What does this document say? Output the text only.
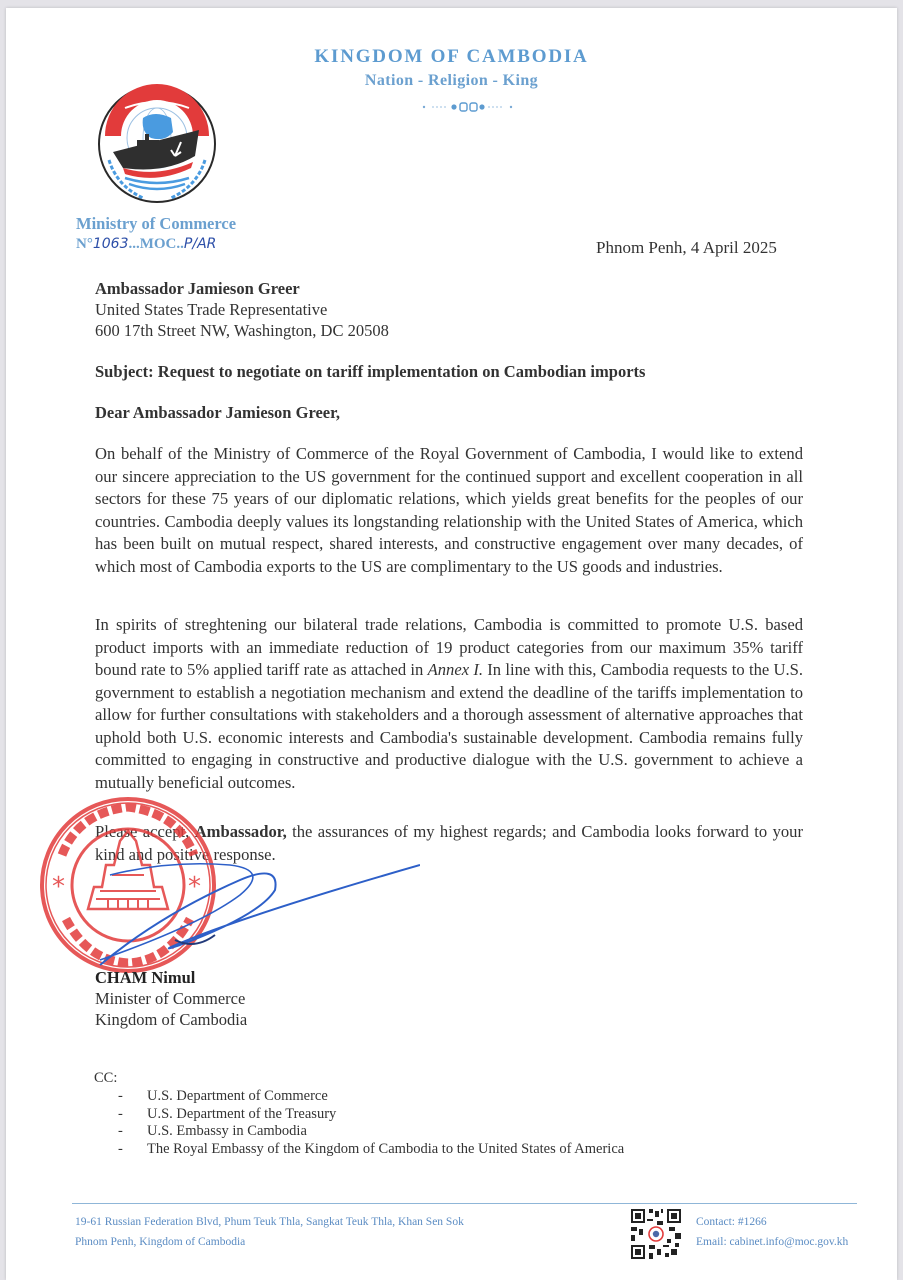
KINGDOM OF CAMBODIA
Nation - Religion - King
Ministry of Commerce
N°1063...MOC..P/AR	Phnom Penh, 4 April 2025
Ambassador Jamieson Greer
United States Trade Representative
600 17th Street NW, Washington, DC 20508
Subject: Request to negotiate on tariff implementation on Cambodian imports
Dear Ambassador Jamieson Greer,
On behalf of the Ministry of Commerce of the Royal Government of Cambodia, I would like to extend our sincere appreciation to the US government for the continued support and excellent cooperation in all sectors for these 75 years of our diplomatic relations, which yields great benefits for the peoples of our countries. Cambodia deeply values its longstanding relationship with the United States of America, which has been built on mutual respect, shared interests, and constructive engagement over many decades, of which most of Cambodia exports to the US are complimentary to the US goods and industries.
In spirits of streghtening our bilateral trade relations, Cambodia is committed to promote U.S. based product imports with an immediate reduction of 19 product categories from our maximum 35% tariff bound rate to 5% applied tariff rate as attached in Annex I. In line with this, Cambodia requests to the U.S. government to establish a negotiation mechanism and extend the deadline of the tariffs implementation to allow for further consultations with stakeholders and a thorough assessment of alternative approaches that uphold both U.S. economic interests and Cambodia's sustainable development. Cambodia remains fully committed to engaging in constructive and productive dialogue with the U.S. government to achieve a mutually beneficial outcomes.
Please accept, Ambassador, the assurances of my highest regards; and Cambodia looks forward to your kind and positive response.
*	*
CHAM Nimul
Minister of Commerce
Kingdom of Cambodia
CC:
- U.S. Department of Commerce
- U.S. Department of the Treasury
- U.S. Embassy in Cambodia
- The Royal Embassy of the Kingdom of Cambodia to the United States of America
19-61 Russian Federation Blvd, Phum Teuk Thla, Sangkat Teuk Thla, Khan Sen Sok
Phnom Penh, Kingdom of Cambodia
Contact: #1266
Email: cabinet.info@moc.gov.kh
